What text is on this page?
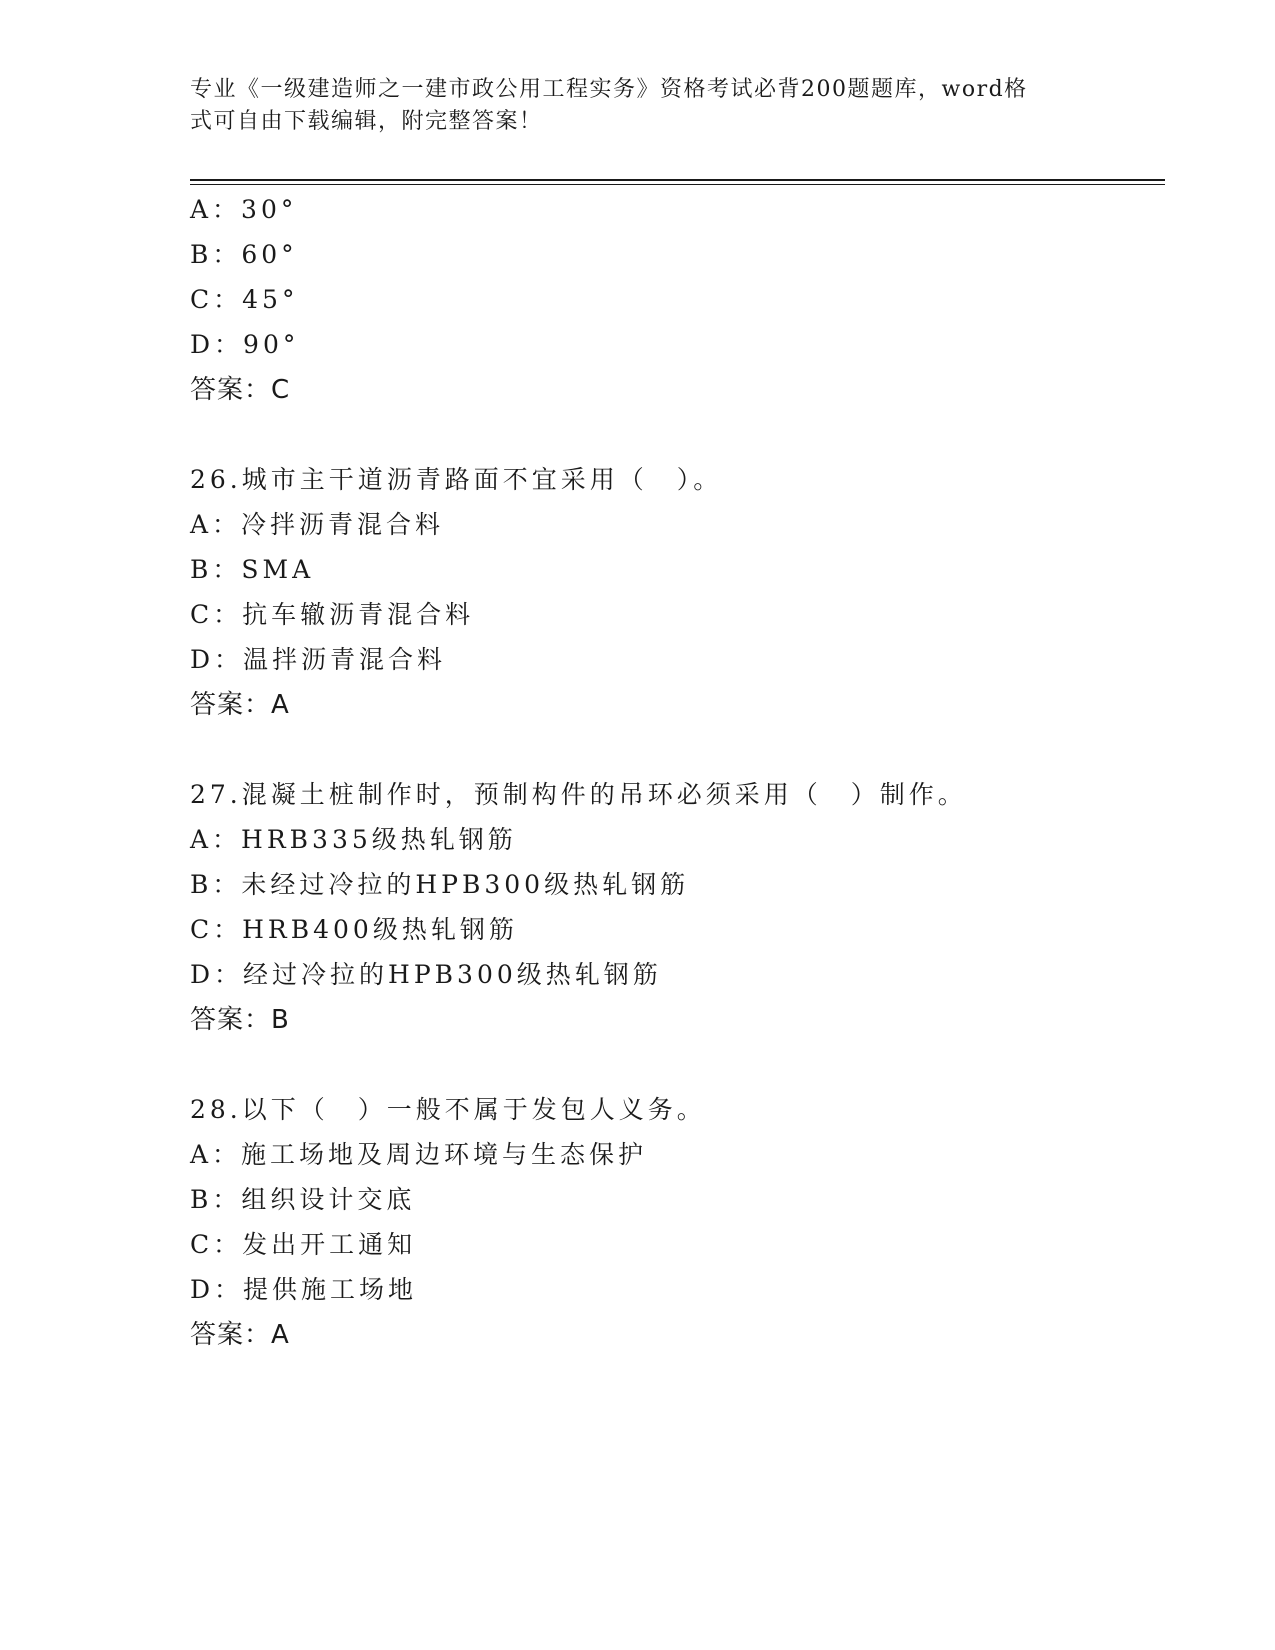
专业《一级建造师之一建市政公用工程实务》资格考试必背200题题库，word格
式可自由下载编辑，附完整答案！
A：30°
B：60°
C：45°
D：90°
答案：C
26.城市主干道沥青路面不宜采用（　）。
A：冷拌沥青混合料
B：SMA
C：抗车辙沥青混合料
D：温拌沥青混合料
答案：A
27.混凝土桩制作时，预制构件的吊环必须采用（　）制作。
A：HRB335级热轧钢筋
B：未经过冷拉的HPB300级热轧钢筋
C：HRB400级热轧钢筋
D：经过冷拉的HPB300级热轧钢筋
答案：B
28.以下（　）一般不属于发包人义务。
A：施工场地及周边环境与生态保护
B：组织设计交底
C：发出开工通知
D：提供施工场地
答案：A
